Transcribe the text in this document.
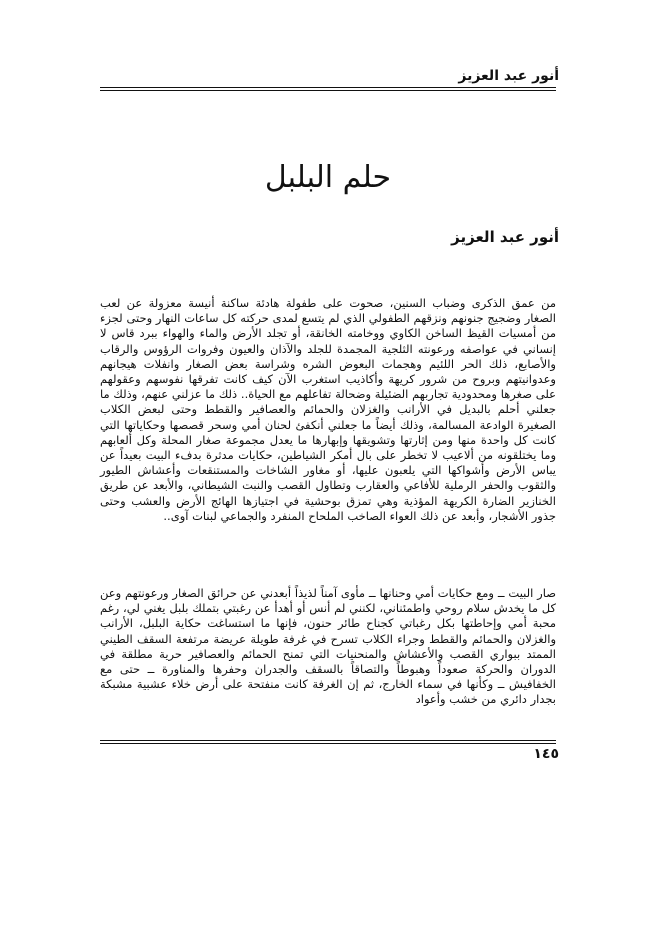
أنور عبد العزيز
حلم البلبل
أنور عبد العزيز

من عمق الذكرى وضباب السنين، صحوت على طفولة هادئة ساكنة أنيسة معزولة عن لعب الصغار وضجيج جنونهم ونزقهم الطفولي الذي لم يتسع لمدى حركته كل ساعات النهار وحتى لجزء من أمسيات القيظ الساخن الكاوي ووخامته الخانقة، أو تجلد الأرض والماء والهواء ببرد قاس لا إنساني في عواصفه ورعونته الثلجية المجمدة للجلد والآذان والعيون وفروات الرؤوس والرقاب والأصابع، ذلك الحر اللئيم وهجمات البعوض الشره وشراسة بعض الصغار وانفلات هيجانهم وعدوانيتهم وبروح من شرور كريهة وأكاذيب استغرب الآن كيف كانت تفرقها نفوسهم وعقولهم على صغرها ومحدودية تجاربهم الضئيلة وضحالة تفاعلهم مع الحياة.. ذلك ما عزلني عنهم، وذلك ما جعلني أحلم بالبديل في الأرانب والغزلان والحمائم والعصافير والقطط وحتى لبعض الكلاب الصغيرة الوادعة المسالمة، وذلك أيضاً ما جعلني أنكفئ لحنان أمي وسحر قصصها وحكاياتها التي كانت كل واحدة منها ومن إثارتها وتشويقها وإبهارها ما يعدل مجموعة صغار المحلة وكل ألعابهم وما يختلقونه من ألاعيب لا تخطر على بال أمكر الشياطين، حكايات مدثرة بدفء البيت بعيداً عن يباس الأرض وأشواكها التي يلعبون عليها، أو مغاور الشاخات والمستنقعات وأعشاش الطيور والثقوب والحفر الرملية للأفاعي والعقارب وتطاول القصب والنبت الشيطاني، والأبعد عن طريق الخنازير الضارة الكريهة المؤذية وهي تمزق بوحشية في اجتيازها الهائج الأرض والعشب وحتى جذور الأشجار، وأبعد عن ذلك العواء الصاخب الملحاح المنفرد والجماعي لبنات آوى..

صار البيت ــ ومع حكايات أمي وحنانها ــ مأوى آمناً لذيذاً أبعدني عن حرائق الصغار ورعونتهم وعن كل ما يخدش سلام روحي واطمئناني، لكنني لم أنس أو أهدأ عن رغبتي بتملك بلبل يغني لي، رغم محبة أمي وإحاطتها بكل رغباتي كجناح طائر حنون، فإنها ما استساغت حكاية البلبل، الأرانب والغزلان والحمائم والقطط وجراء الكلاب تسرح في غرفة طويلة عريضة مرتفعة السقف الطيني الممتد ببواري القصب والأعشاش والمنحنيات التي تمنح الحمائم والعصافير حرية مطلقة في الدوران والحركة صعوداً وهبوطاً والتصاقاً بالسقف والجدران وحفرها والمناورة ــ حتى مع الخفافيش ــ وكأنها في سماء الخارج، ثم إن الغرفة كانت منفتحة على أرض خلاء عشبية مشبكة بجدار دائري من خشب وأعواد

١٤٥
